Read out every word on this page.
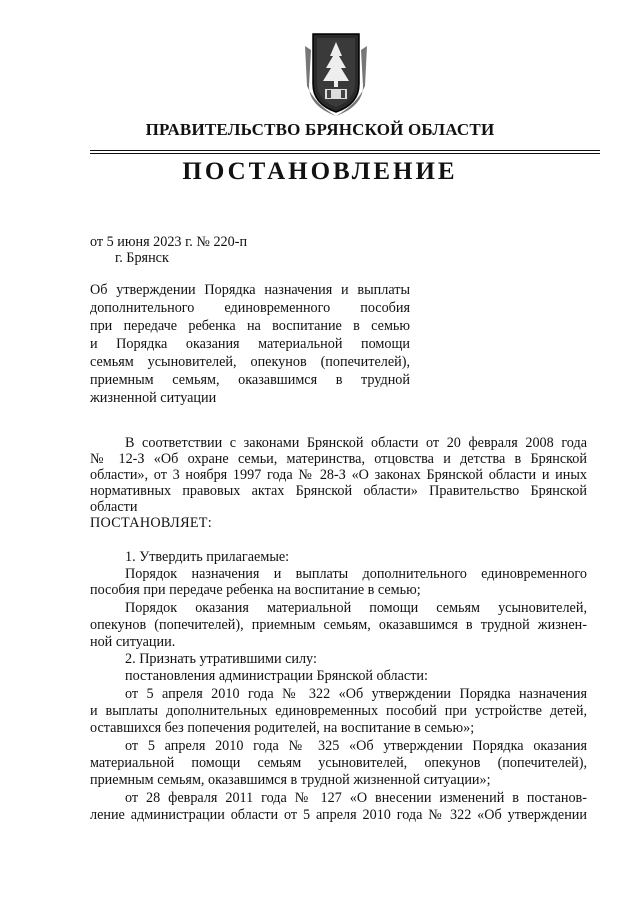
ПРАВИТЕЛЬСТВО БРЯНСКОЙ ОБЛАСТИ
ПОСТАНОВЛЕНИЕ
от 5 июня 2023 г. № 220-п
г. Брянск
Об утверждении Порядка назначения и выплаты
дополнительного единовременного пособия
при передаче ребенка на воспитание в семью
и Порядка оказания материальной помощи
семьям усыновителей, опекунов (попечителей),
приемным семьям, оказавшимся в трудной
жизненной ситуации
В соответствии с законами Брянской области от 20 февраля 2008 года
№ 12-З «Об охране семьи, материнства, отцовства и детства в Брянской
области», от 3 ноября 1997 года № 28-З «О законах Брянской области и иных
нормативных правовых актах Брянской области» Правительство Брянской
области
ПОСТАНОВЛЯЕТ:
1. Утвердить прилагаемые:
Порядок назначения и выплаты дополнительного единовременного
пособия при передаче ребенка на воспитание в семью;
Порядок оказания материальной помощи семьям усыновителей,
опекунов (попечителей), приемным семьям, оказавшимся в трудной жизнен-
ной ситуации.
2. Признать утратившими силу:
постановления администрации Брянской области:
от 5 апреля 2010 года № 322 «Об утверждении Порядка назначения
и выплаты дополнительных единовременных пособий при устройстве детей,
оставшихся без попечения родителей, на воспитание в семью»;
от 5 апреля 2010 года № 325 «Об утверждении Порядка оказания
материальной помощи семьям усыновителей, опекунов (попечителей),
приемным семьям, оказавшимся в трудной жизненной ситуации»;
от 28 февраля 2011 года № 127 «О внесении изменений в постанов-
ление администрации области от 5 апреля 2010 года № 322 «Об утверждении
